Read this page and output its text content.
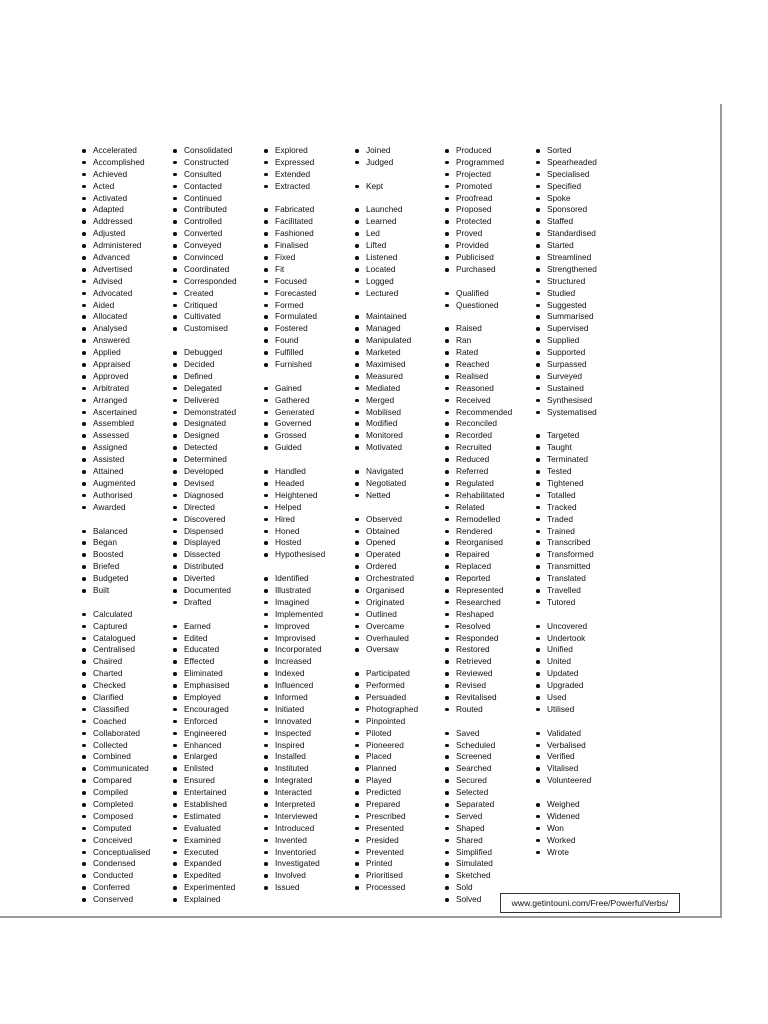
Accelerated
Accomplished
Achieved
Acted
Activated
Adapted
Addressed
Adjusted
Administered
Advanced
Advertised
Advised
Advocated
Aided
Allocated
Analysed
Answered
Applied
Appraised
Approved
Arbitrated
Arranged
Ascertained
Assembled
Assessed
Assigned
Assisted
Attained
Augmented
Authorised
Awarded
Balanced
Began
Boosted
Briefed
Budgeted
Built
Calculated
Captured
Catalogued
Centralised
Chaired
Charted
Checked
Clarified
Classified
Coached
Collaborated
Collected
Combined
Communicated
Compared
Compiled
Completed
Composed
Computed
Conceived
Conceptualised
Condensed
Conducted
Conferred
Conserved
Consolidated
Constructed
Consulted
Contacted
Continued
Contributed
Controlled
Converted
Conveyed
Convinced
Coordinated
Corresponded
Created
Critiqued
Cultivated
Customised
Debugged
Decided
Defined
Delegated
Delivered
Demonstrated
Designated
Designed
Detected
Determined
Developed
Devised
Diagnosed
Directed
Discovered
Dispensed
Displayed
Dissected
Distributed
Diverted
Documented
Drafted
Earned
Edited
Educated
Effected
Eliminated
Emphasised
Employed
Encouraged
Enforced
Engineered
Enhanced
Enlarged
Enlisted
Ensured
Entertained
Established
Estimated
Evaluated
Examined
Executed
Expanded
Expedited
Experimented
Explained
Explored
Expressed
Extended
Extracted
Fabricated
Facilitated
Fashioned
Finalised
Fixed
Fit
Focused
Forecasted
Formed
Formulated
Fostered
Found
Fulfilled
Furnished
Gained
Gathered
Generated
Governed
Grossed
Guided
Handled
Headed
Heightened
Helped
Hired
Honed
Hosted
Hypothesised
Identified
Illustrated
Imagined
Implemented
Improved
Improvised
Incorporated
Increased
Indexed
Influenced
Informed
Initiated
Innovated
Inspected
Inspired
Installed
Instituted
Integrated
Interacted
Interpreted
Interviewed
Introduced
Invented
Inventoried
Investigated
Involved
Issued
Joined
Judged
Kept
Launched
Learned
Led
Lifted
Listened
Located
Logged
Lectured
Maintained
Managed
Manipulated
Marketed
Maximised
Measured
Mediated
Merged
Mobilised
Modified
Monitored
Motivated
Navigated
Negotiated
Netted
Observed
Obtained
Opened
Operated
Ordered
Orchestrated
Organised
Originated
Outlined
Overcame
Overhauled
Oversaw
Participated
Performed
Persuaded
Photographed
Pinpointed
Piloted
Pioneered
Placed
Planned
Played
Predicted
Prepared
Prescribed
Presented
Presided
Prevented
Printed
Prioritised
Processed
Produced
Programmed
Projected
Promoted
Proofread
Proposed
Protected
Proved
Provided
Publicised
Purchased
Qualified
Questioned
Raised
Ran
Rated
Reached
Realised
Reasoned
Received
Recommended
Reconciled
Recorded
Recruited
Reduced
Referred
Regulated
Rehabilitated
Related
Remodelled
Rendered
Reorganised
Repaired
Replaced
Reported
Represented
Researched
Reshaped
Resolved
Responded
Restored
Retrieved
Reviewed
Revised
Revitalised
Routed
Saved
Scheduled
Screened
Searched
Secured
Selected
Separated
Served
Shaped
Shared
Simplified
Simulated
Sketched
Sold
Solved
Sorted
Spearheaded
Specialised
Specified
Spoke
Sponsored
Staffed
Standardised
Started
Streamlined
Strengthened
Structured
Studied
Suggested
Summarised
Supervised
Supplied
Supported
Surpassed
Surveyed
Sustained
Synthesised
Systematised
Targeted
Taught
Terminated
Tested
Tightened
Totalled
Tracked
Traded
Trained
Transcribed
Transformed
Transmitted
Translated
Travelled
Tutored
Uncovered
Undertook
Unified
United
Updated
Upgraded
Used
Utilised
Validated
Verbalised
Verified
Vitalised
Volunteered
Weighed
Widened
Won
Worked
Wrote
www.getintouni.com/Free/PowerfulVerbs/
